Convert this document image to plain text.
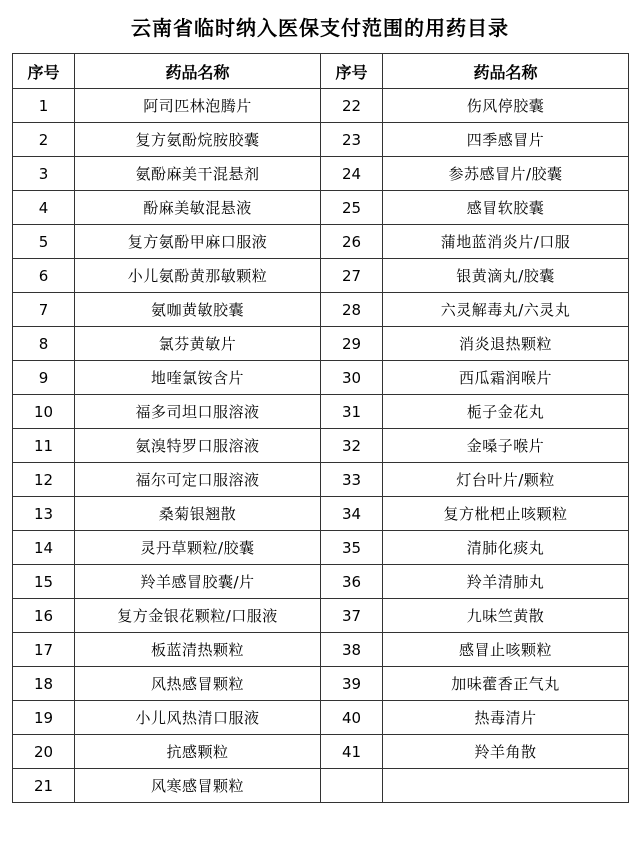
云南省临时纳入医保支付范围的用药目录
序号	药品名称	序号	药品名称
1	阿司匹林泡腾片	22	伤风停胶囊
2	复方氨酚烷胺胶囊	23	四季感冒片
3	氨酚麻美干混悬剂	24	参苏感冒片/胶囊
4	酚麻美敏混悬液	25	感冒软胶囊
5	复方氨酚甲麻口服液	26	蒲地蓝消炎片/口服
6	小儿氨酚黄那敏颗粒	27	银黄滴丸/胶囊
7	氨咖黄敏胶囊	28	六灵解毒丸/六灵丸
8	氯芬黄敏片	29	消炎退热颗粒
9	地喹氯铵含片	30	西瓜霜润喉片
10	福多司坦口服溶液	31	栀子金花丸
11	氨溴特罗口服溶液	32	金嗓子喉片
12	福尔可定口服溶液	33	灯台叶片/颗粒
13	桑菊银翘散	34	复方枇杷止咳颗粒
14	灵丹草颗粒/胶囊	35	清肺化痰丸
15	羚羊感冒胶囊/片	36	羚羊清肺丸
16	复方金银花颗粒/口服液	37	九味竺黄散
17	板蓝清热颗粒	38	感冒止咳颗粒
18	风热感冒颗粒	39	加味藿香正气丸
19	小儿风热清口服液	40	热毒清片
20	抗感颗粒	41	羚羊角散
21	风寒感冒颗粒		
